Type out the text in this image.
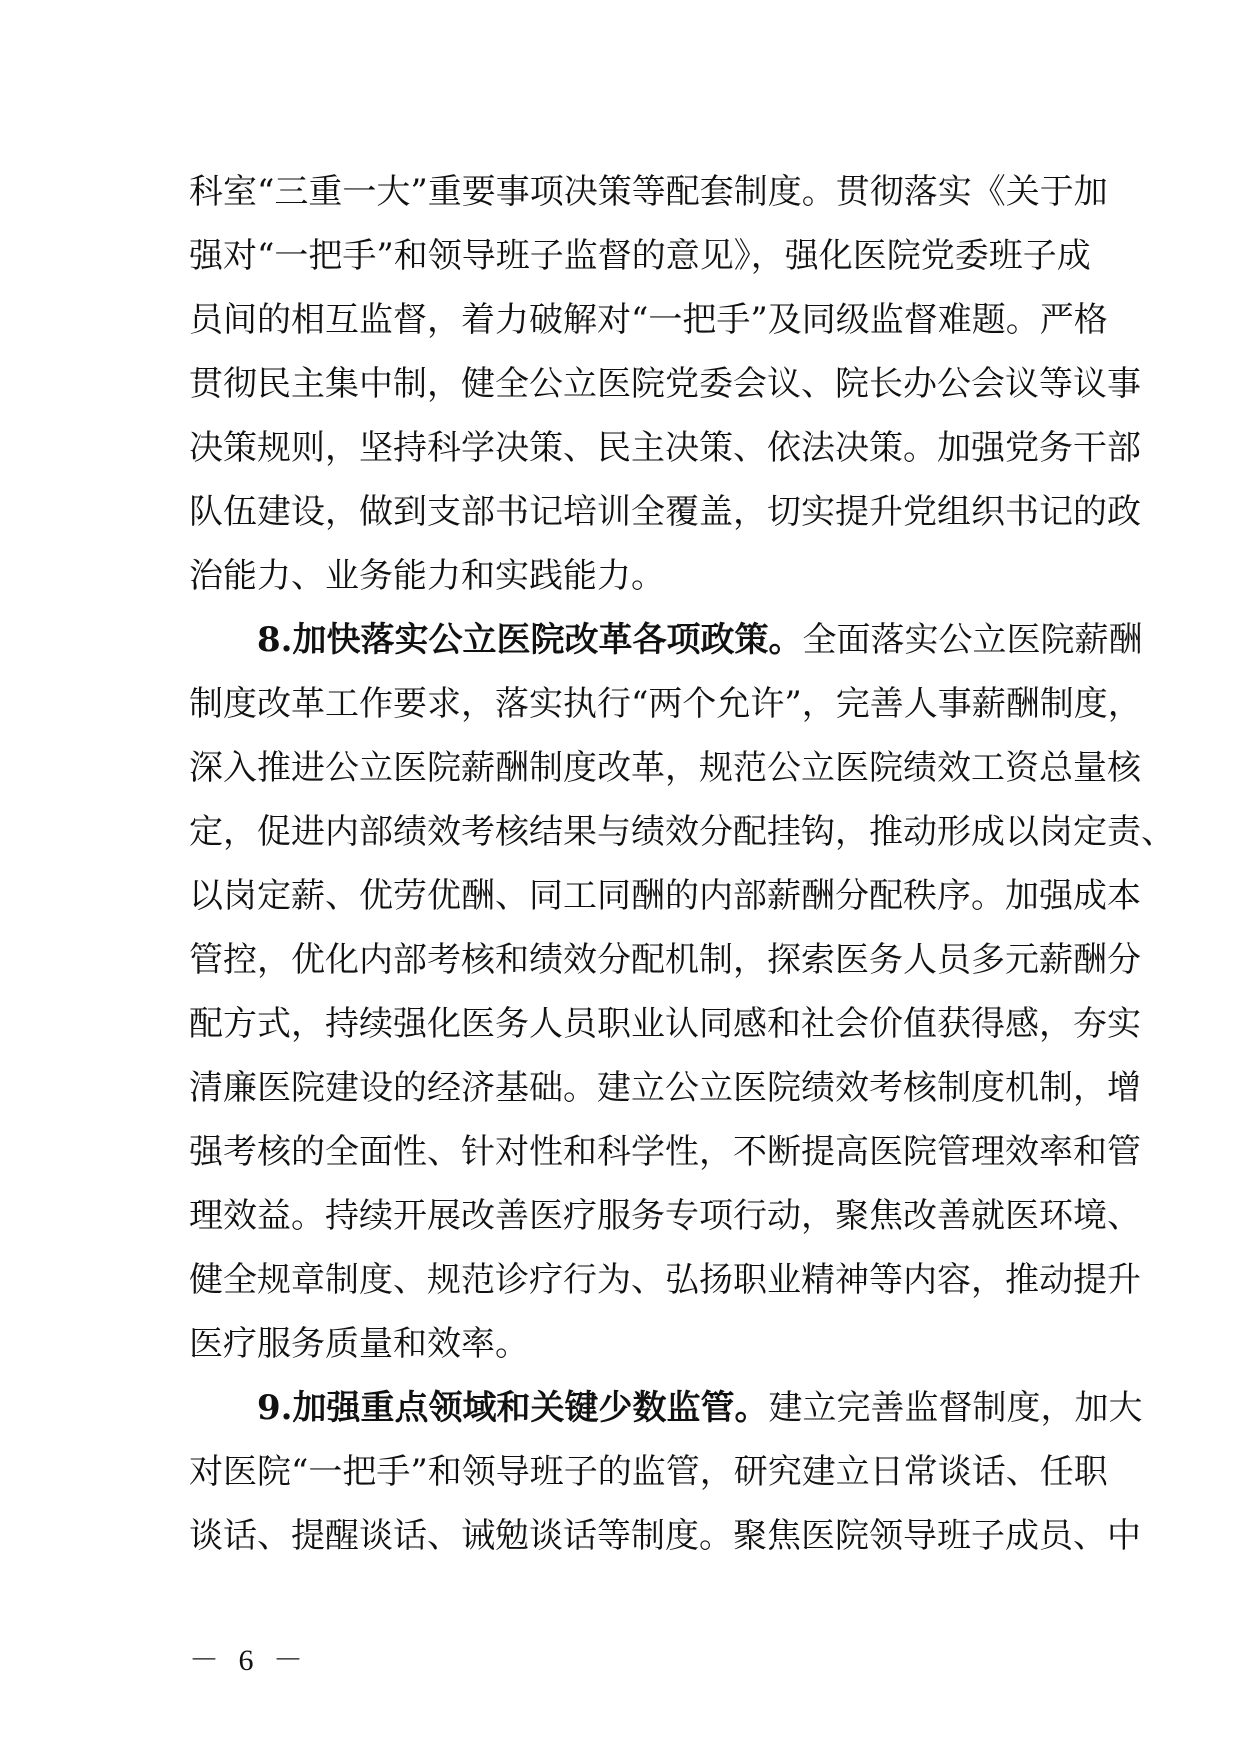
科室“三重一大”重要事项决策等配套制度。贯彻落实《关于加
强对“一把手”和领导班子监督的意见》，强化医院党委班子成
员间的相互监督，着力破解对“一把手”及同级监督难题。严格
贯彻民主集中制，健全公立医院党委会议、院长办公会议等议事
决策规则，坚持科学决策、民主决策、依法决策。加强党务干部
队伍建设，做到支部书记培训全覆盖，切实提升党组织书记的政
治能力、业务能力和实践能力。
8.加快落实公立医院改革各项政策。全面落实公立医院薪酬
制度改革工作要求，落实执行“两个允许”，完善人事薪酬制度，
深入推进公立医院薪酬制度改革，规范公立医院绩效工资总量核
定，促进内部绩效考核结果与绩效分配挂钩，推动形成以岗定责、
以岗定薪、优劳优酬、同工同酬的内部薪酬分配秩序。加强成本
管控，优化内部考核和绩效分配机制，探索医务人员多元薪酬分
配方式，持续强化医务人员职业认同感和社会价值获得感，夯实
清廉医院建设的经济基础。建立公立医院绩效考核制度机制，增
强考核的全面性、针对性和科学性，不断提高医院管理效率和管
理效益。持续开展改善医疗服务专项行动，聚焦改善就医环境、
健全规章制度、规范诊疗行为、弘扬职业精神等内容，推动提升
医疗服务质量和效率。
9.加强重点领域和关键少数监管。建立完善监督制度，加大
对医院“一把手”和领导班子的监管，研究建立日常谈话、任职
谈话、提醒谈话、诫勉谈话等制度。聚焦医院领导班子成员、中
－ 6 －
